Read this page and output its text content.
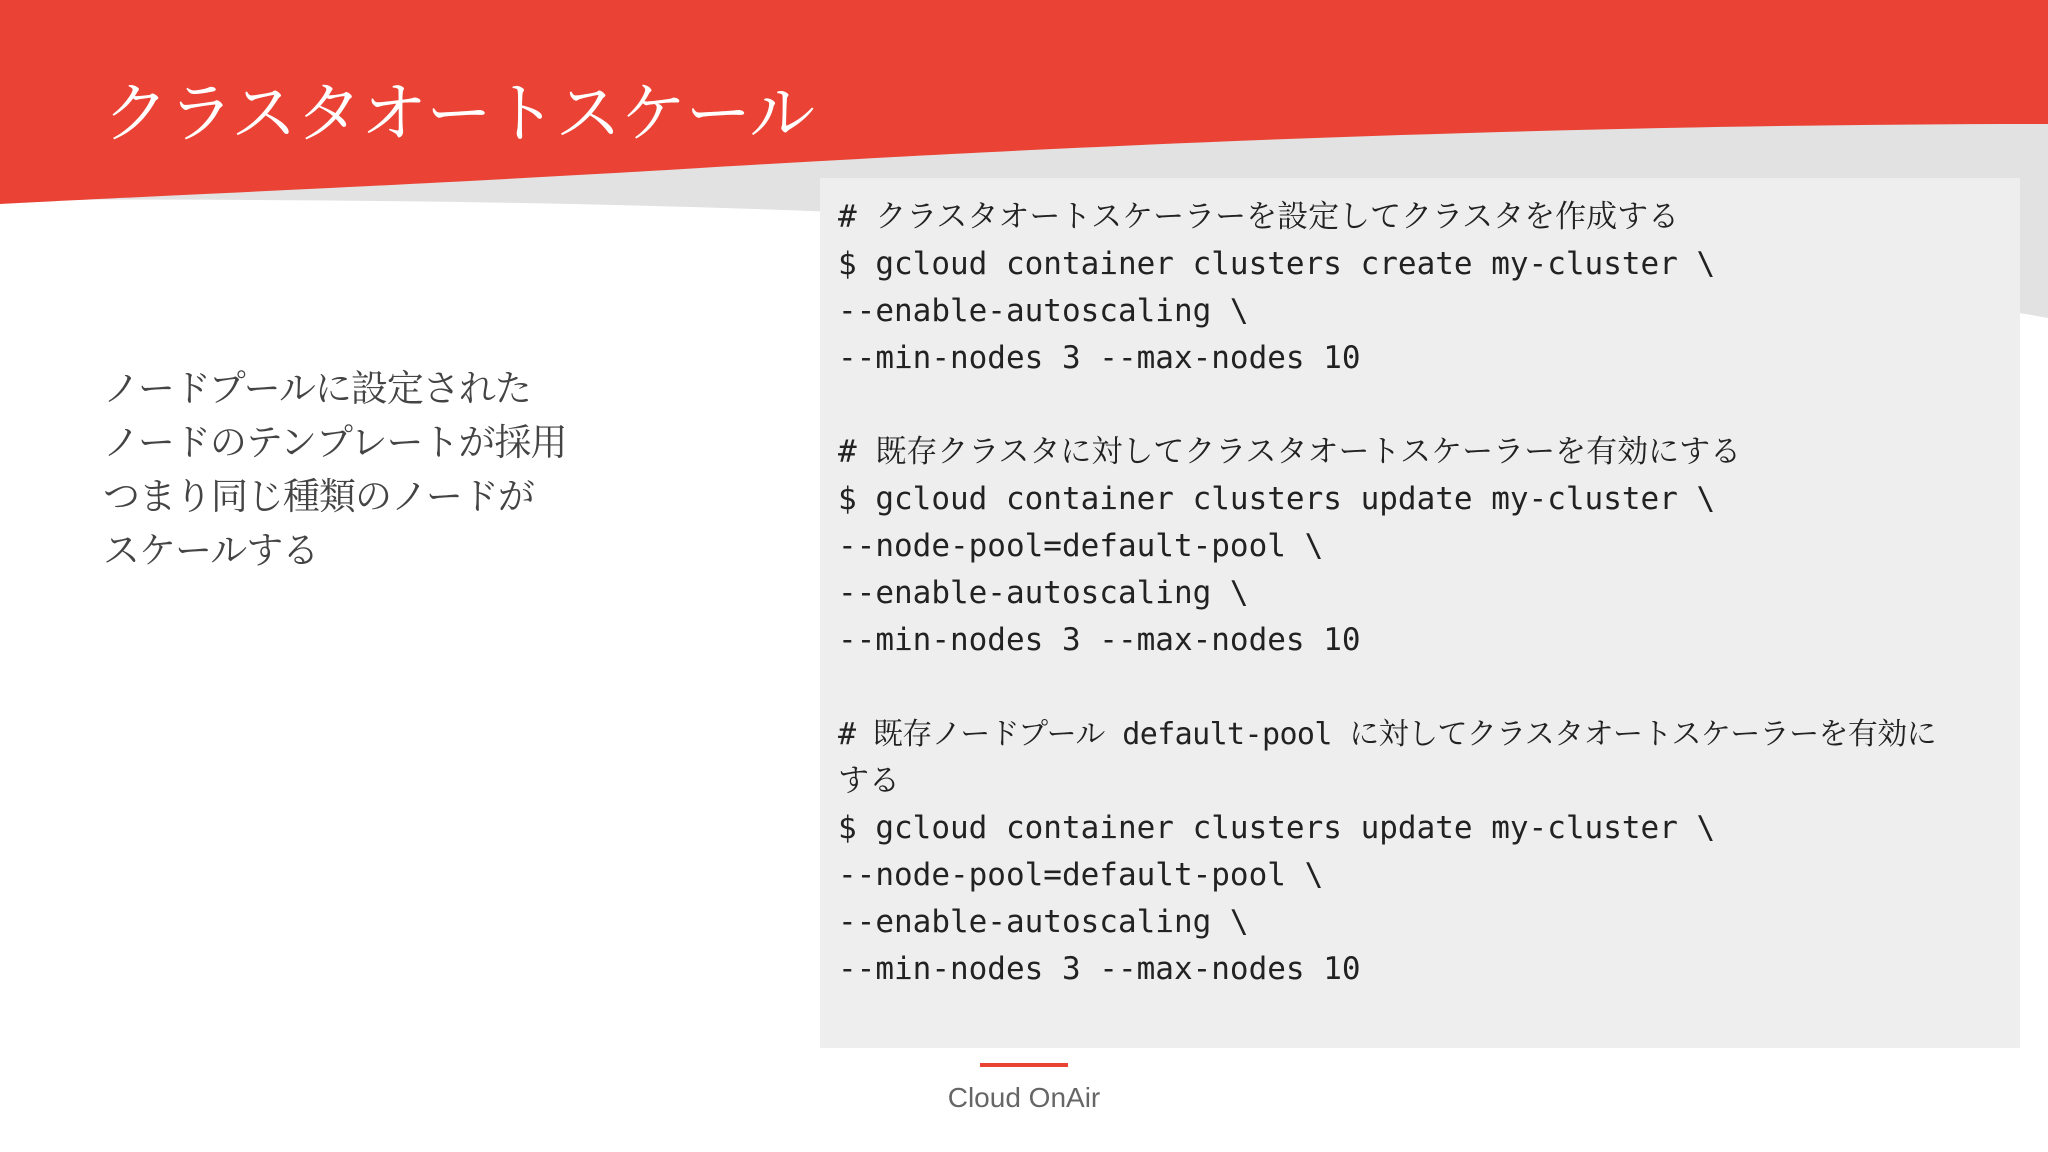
クラスタオートスケール
ノードプールに設定された
ノードのテンプレートが採用
つまり同じ種類のノードが
スケールする
# クラスタオートスケーラーを設定してクラスタを作成する
$ gcloud container clusters create my-cluster \
--enable-autoscaling \
--min-nodes 3 --max-nodes 10
# 既存クラスタに対してクラスタオートスケーラーを有効にする
$ gcloud container clusters update my-cluster \
--node-pool=default-pool \
--enable-autoscaling \
--min-nodes 3 --max-nodes 10
# 既存ノードプール default-pool に対してクラスタオートスケーラーを有効に
する
$ gcloud container clusters update my-cluster \
--node-pool=default-pool \
--enable-autoscaling \
--min-nodes 3 --max-nodes 10
Cloud OnAir
